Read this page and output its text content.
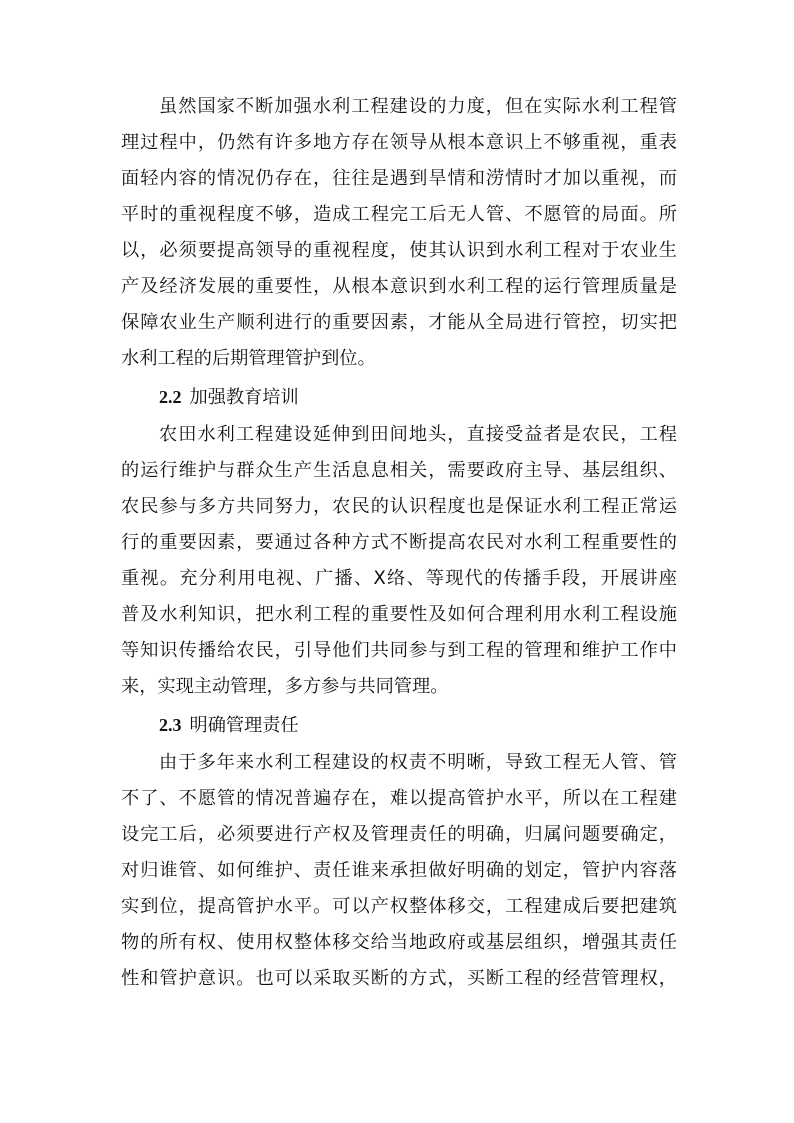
虽然国家不断加强水利工程建设的力度，但在实际水利工程管
理过程中，仍然有许多地方存在领导从根本意识上不够重视，重表
面轻内容的情况仍存在，往往是遇到旱情和涝情时才加以重视，而
平时的重视程度不够，造成工程完工后无人管、不愿管的局面。所
以，必须要提高领导的重视程度，使其认识到水利工程对于农业生
产及经济发展的重要性，从根本意识到水利工程的运行管理质量是
保障农业生产顺利进行的重要因素，才能从全局进行管控，切实把
水利工程的后期管理管护到位。
2.2 加强教育培训
农田水利工程建设延伸到田间地头，直接受益者是农民，工程
的运行维护与群众生产生活息息相关，需要政府主导、基层组织、
农民参与多方共同努力，农民的认识程度也是保证水利工程正常运
行的重要因素，要通过各种方式不断提高农民对水利工程重要性的
重视。充分利用电视、广播、X络、等现代的传播手段，开展讲座
普及水利知识，把水利工程的重要性及如何合理利用水利工程设施
等知识传播给农民，引导他们共同参与到工程的管理和维护工作中
来，实现主动管理，多方参与共同管理。
2.3 明确管理责任
由于多年来水利工程建设的权责不明晰，导致工程无人管、管
不了、不愿管的情况普遍存在，难以提高管护水平，所以在工程建
设完工后，必须要进行产权及管理责任的明确，归属问题要确定，
对归谁管、如何维护、责任谁来承担做好明确的划定，管护内容落
实到位，提高管护水平。可以产权整体移交，工程建成后要把建筑
物的所有权、使用权整体移交给当地政府或基层组织，增强其责任
性和管护意识。也可以采取买断的方式，买断工程的经营管理权，
